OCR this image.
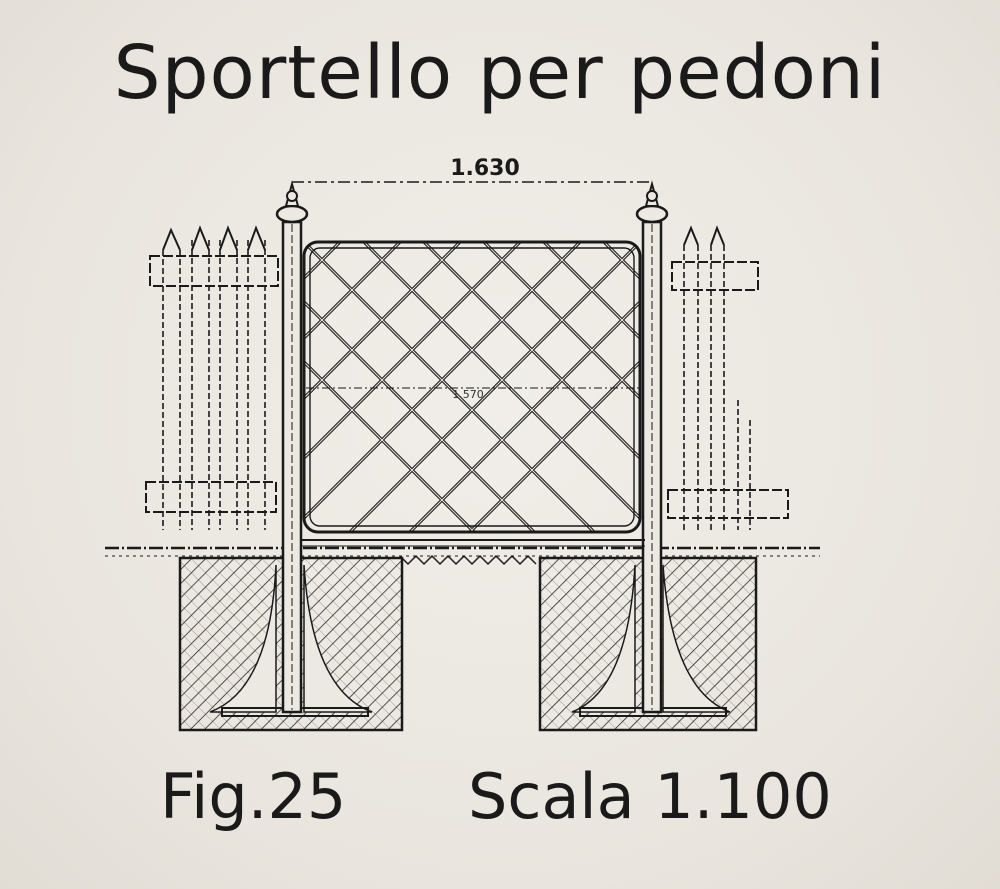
Sportello per pedoni
1.630
1.570
Fig.25 Scala 1.100
